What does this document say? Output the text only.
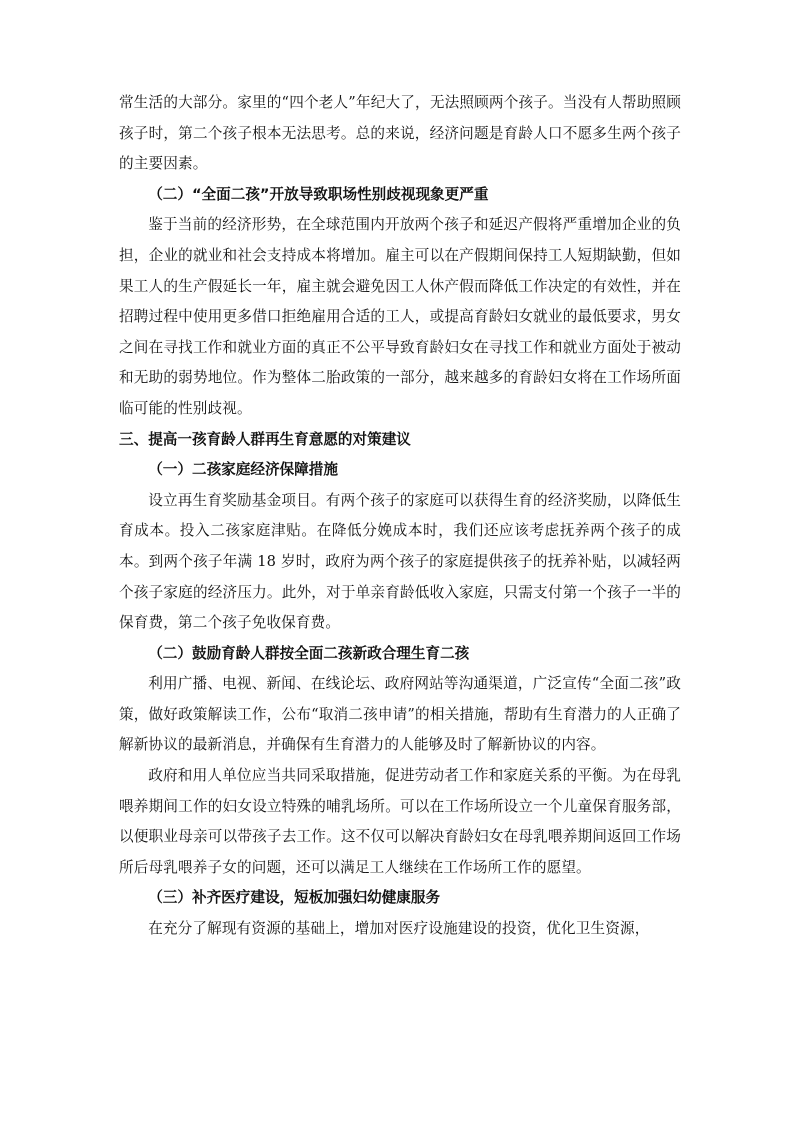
常生活的大部分。家里的“四个老人”年纪大了，无法照顾两个孩子。当没有人帮助照顾孩子时，第二个孩子根本无法思考。总的来说，经济问题是育龄人口不愿多生两个孩子的主要因素。

（二）“全面二孩”开放导致职场性别歧视现象更严重

鉴于当前的经济形势，在全球范围内开放两个孩子和延迟产假将严重增加企业的负担，企业的就业和社会支持成本将增加。雇主可以在产假期间保持工人短期缺勤，但如果工人的生产假延长一年，雇主就会避免因工人休产假而降低工作决定的有效性，并在招聘过程中使用更多借口拒绝雇用合适的工人，或提高育龄妇女就业的最低要求，男女之间在寻找工作和就业方面的真正不公平导致育龄妇女在寻找工作和就业方面处于被动和无助的弱势地位。作为整体二胎政策的一部分，越来越多的育龄妇女将在工作场所面临可能的性别歧视。

三、提高一孩育龄人群再生育意愿的对策建议

（一）二孩家庭经济保障措施

设立再生育奖励基金项目。有两个孩子的家庭可以获得生育的经济奖励，以降低生育成本。投入二孩家庭津贴。在降低分娩成本时，我们还应该考虑抚养两个孩子的成本。到两个孩子年满 18 岁时，政府为两个孩子的家庭提供孩子的抚养补贴，以减轻两个孩子家庭的经济压力。此外，对于单亲育龄低收入家庭，只需支付第一个孩子一半的保育费，第二个孩子免收保育费。

（二）鼓励育龄人群按全面二孩新政合理生育二孩

利用广播、电视、新闻、在线论坛、政府网站等沟通渠道，广泛宣传“全面二孩”政策，做好政策解读工作，公布“取消二孩申请”的相关措施，帮助有生育潜力的人正确了解新协议的最新消息，并确保有生育潜力的人能够及时了解新协议的内容。

政府和用人单位应当共同采取措施，促进劳动者工作和家庭关系的平衡。为在母乳喂养期间工作的妇女设立特殊的哺乳场所。可以在工作场所设立一个儿童保育服务部，以便职业母亲可以带孩子去工作。这不仅可以解决育龄妇女在母乳喂养期间返回工作场所后母乳喂养子女的问题，还可以满足工人继续在工作场所工作的愿望。

（三）补齐医疗建设，短板加强妇幼健康服务

在充分了解现有资源的基础上，增加对医疗设施建设的投资，优化卫生资源，
